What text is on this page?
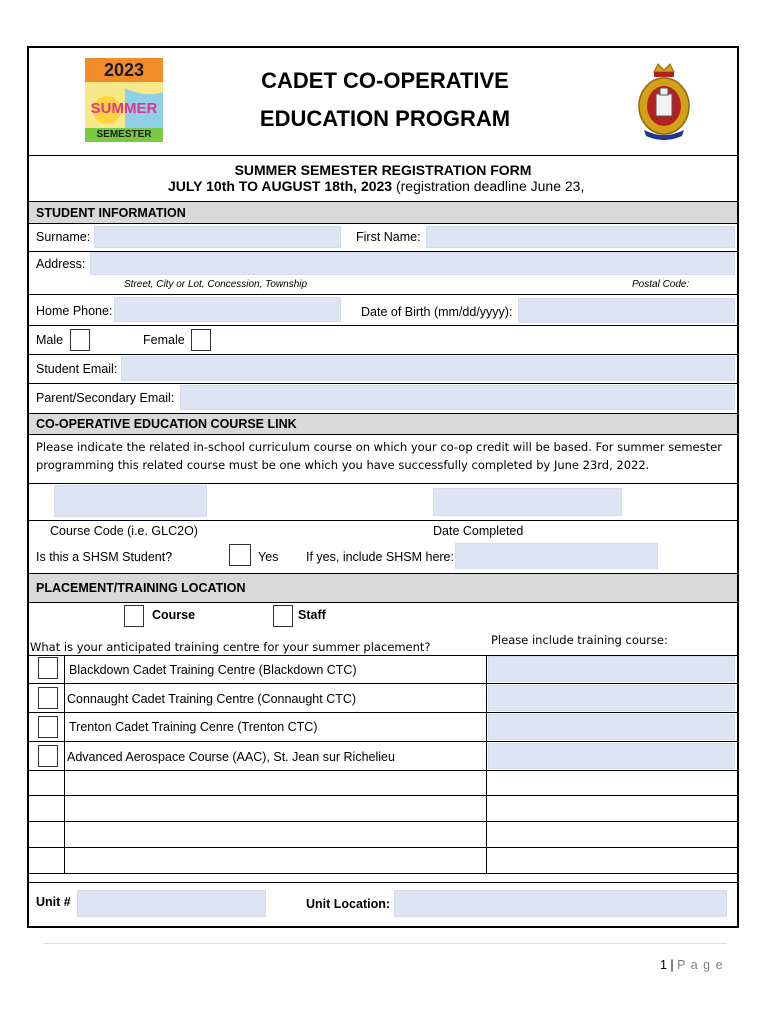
2023
SUMMER
SEMESTER
CADET CO-OPERATIVE
EDUCATION PROGRAM
SUMMER SEMESTER REGISTRATION FORM
JULY 10th TO AUGUST 18th, 2023 (registration deadline June 23,
STUDENT INFORMATION
Surname:	First Name:
Address:
Street, City or Lot, Concession, Township	Postal Code:
Home Phone:	Date of Birth (mm/dd/yyyy):
Male	Female
Student Email:
Parent/Secondary Email:
CO-OPERATIVE EDUCATION COURSE LINK
Please indicate the related in-school curriculum course on which your co-op credit will be based. For summer semester
programming this related course must be one which you have successfully completed by June 23rd, 2022.
Course Code (i.e. GLC2O)	Date Completed
Is this a SHSM Student?	Yes If yes, include SHSM here:
PLACEMENT/TRAINING LOCATION
Course	Staff
What is your anticipated training centre for your summer placement?	Please include training course:
Blackdown Cadet Training Centre (Blackdown CTC)
Connaught Cadet Training Centre (Connaught CTC)
Trenton Cadet Training Cenre (Trenton CTC)
Advanced Aerospace Course (AAC), St. Jean sur Richelieu
Unit #	Unit Location:
1 | P a g e
